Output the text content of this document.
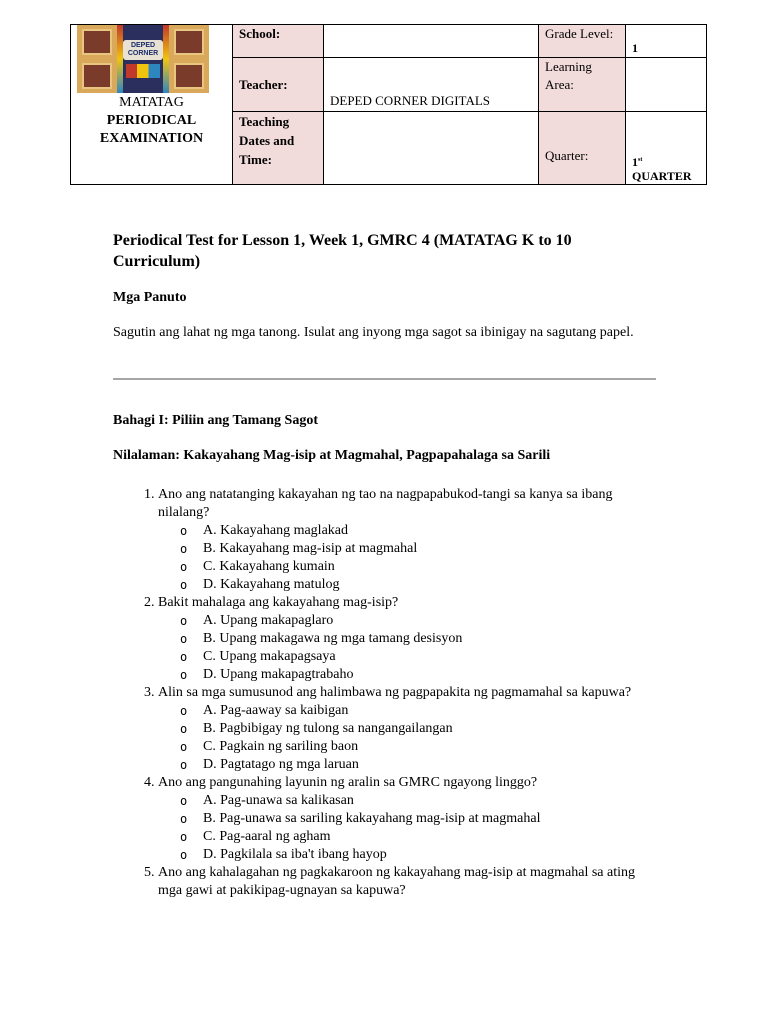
DEPED CORNER
MATATAG
PERIODICAL
EXAMINATION	School:		Grade Level:	1
	Teacher:	DEPED CORNER DIGITALS	Learning Area:	
	Teaching Dates and Time:		Quarter:	1st
QUARTER
Periodical Test for Lesson 1, Week 1, GMRC 4 (MATATAG K to 10 Curriculum)
Mga Panuto

Sagutin ang lahat ng mga tanong. Isulat ang inyong mga sagot sa ibinigay na sagutang papel.

Bahagi I: Piliin ang Tamang Sagot
Nilalaman: Kakayahang Mag-isip at Magmahal, Pagpapahalaga sa Sarili
1. Ano ang natatanging kakayahan ng tao na nagpapabukod-tangi sa kanya sa ibang nilalang?
o A. Kakayahang maglakad
o B. Kakayahang mag-isip at magmahal
o C. Kakayahang kumain
o D. Kakayahang matulog
2. Bakit mahalaga ang kakayahang mag-isip?
o A. Upang makapaglaro
o B. Upang makagawa ng mga tamang desisyon
o C. Upang makapagsaya
o D. Upang makapagtrabaho
3. Alin sa mga sumusunod ang halimbawa ng pagpapakita ng pagmamahal sa kapuwa?
o A. Pag-aaway sa kaibigan
o B. Pagbibigay ng tulong sa nangangailangan
o C. Pagkain ng sariling baon
o D. Pagtatago ng mga laruan
4. Ano ang pangunahing layunin ng aralin sa GMRC ngayong linggo?
o A. Pag-unawa sa kalikasan
o B. Pag-unawa sa sariling kakayahang mag-isip at magmahal
o C. Pag-aaral ng agham
o D. Pagkilala sa iba't ibang hayop
5. Ano ang kahalagahan ng pagkakaroon ng kakayahang mag-isip at magmahal sa ating mga gawi at pakikipag-ugnayan sa kapuwa?
